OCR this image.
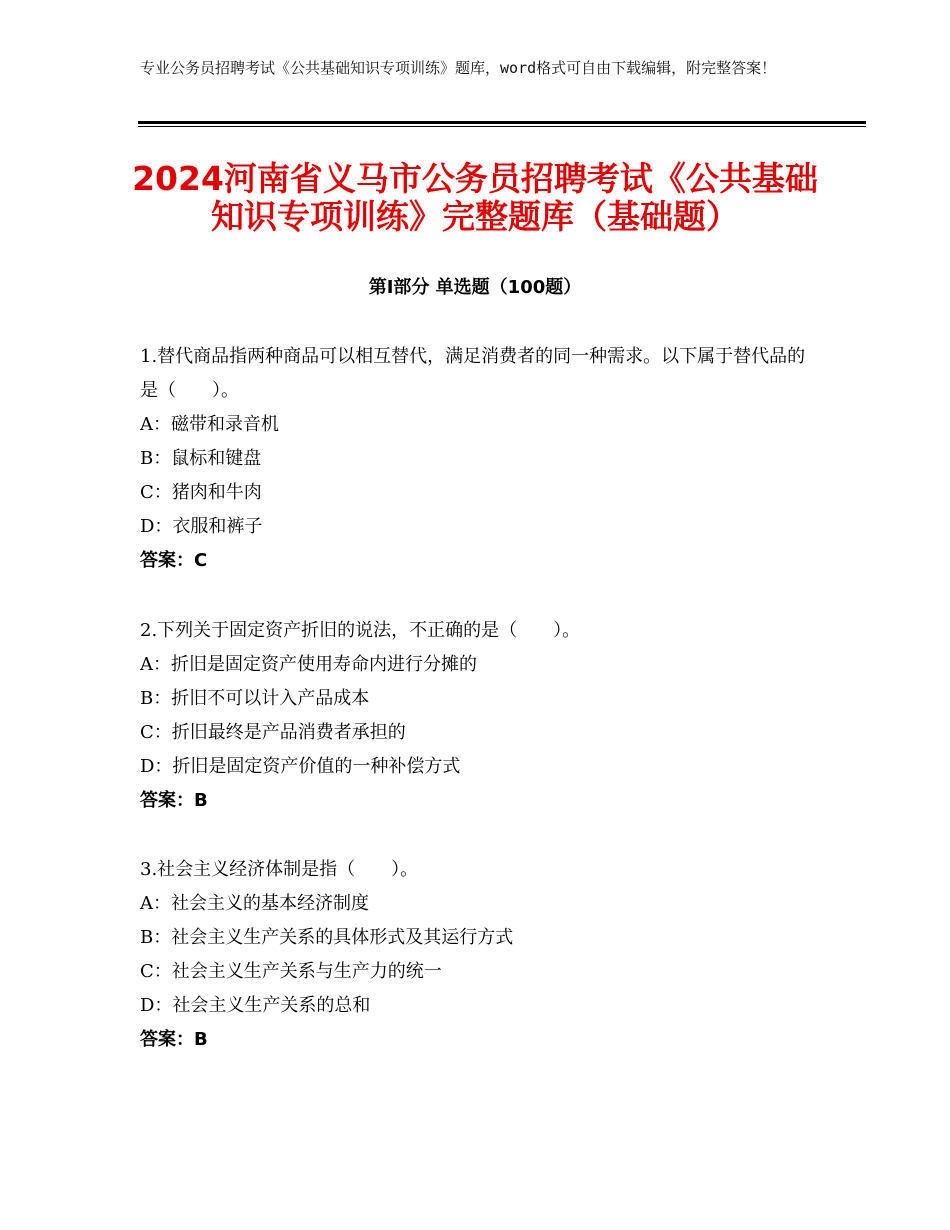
专业公务员招聘考试《公共基础知识专项训练》题库，word格式可自由下载编辑，附完整答案！
2024河南省义马市公务员招聘考试《公共基础知识专项训练》完整题库（基础题）
第Ⅰ部分 单选题（100题）

1.替代商品指两种商品可以相互替代，满足消费者的同一种需求。以下属于替代品的是（　　）。

A：磁带和录音机

B：鼠标和键盘

C：猪肉和牛肉

D：衣服和裤子

答案：C

2.下列关于固定资产折旧的说法，不正确的是（　　）。

A：折旧是固定资产使用寿命内进行分摊的

B：折旧不可以计入产品成本

C：折旧最终是产品消费者承担的

D：折旧是固定资产价值的一种补偿方式

答案：B

3.社会主义经济体制是指（　　）。

A：社会主义的基本经济制度

B：社会主义生产关系的具体形式及其运行方式

C：社会主义生产关系与生产力的统一

D：社会主义生产关系的总和

答案：B
